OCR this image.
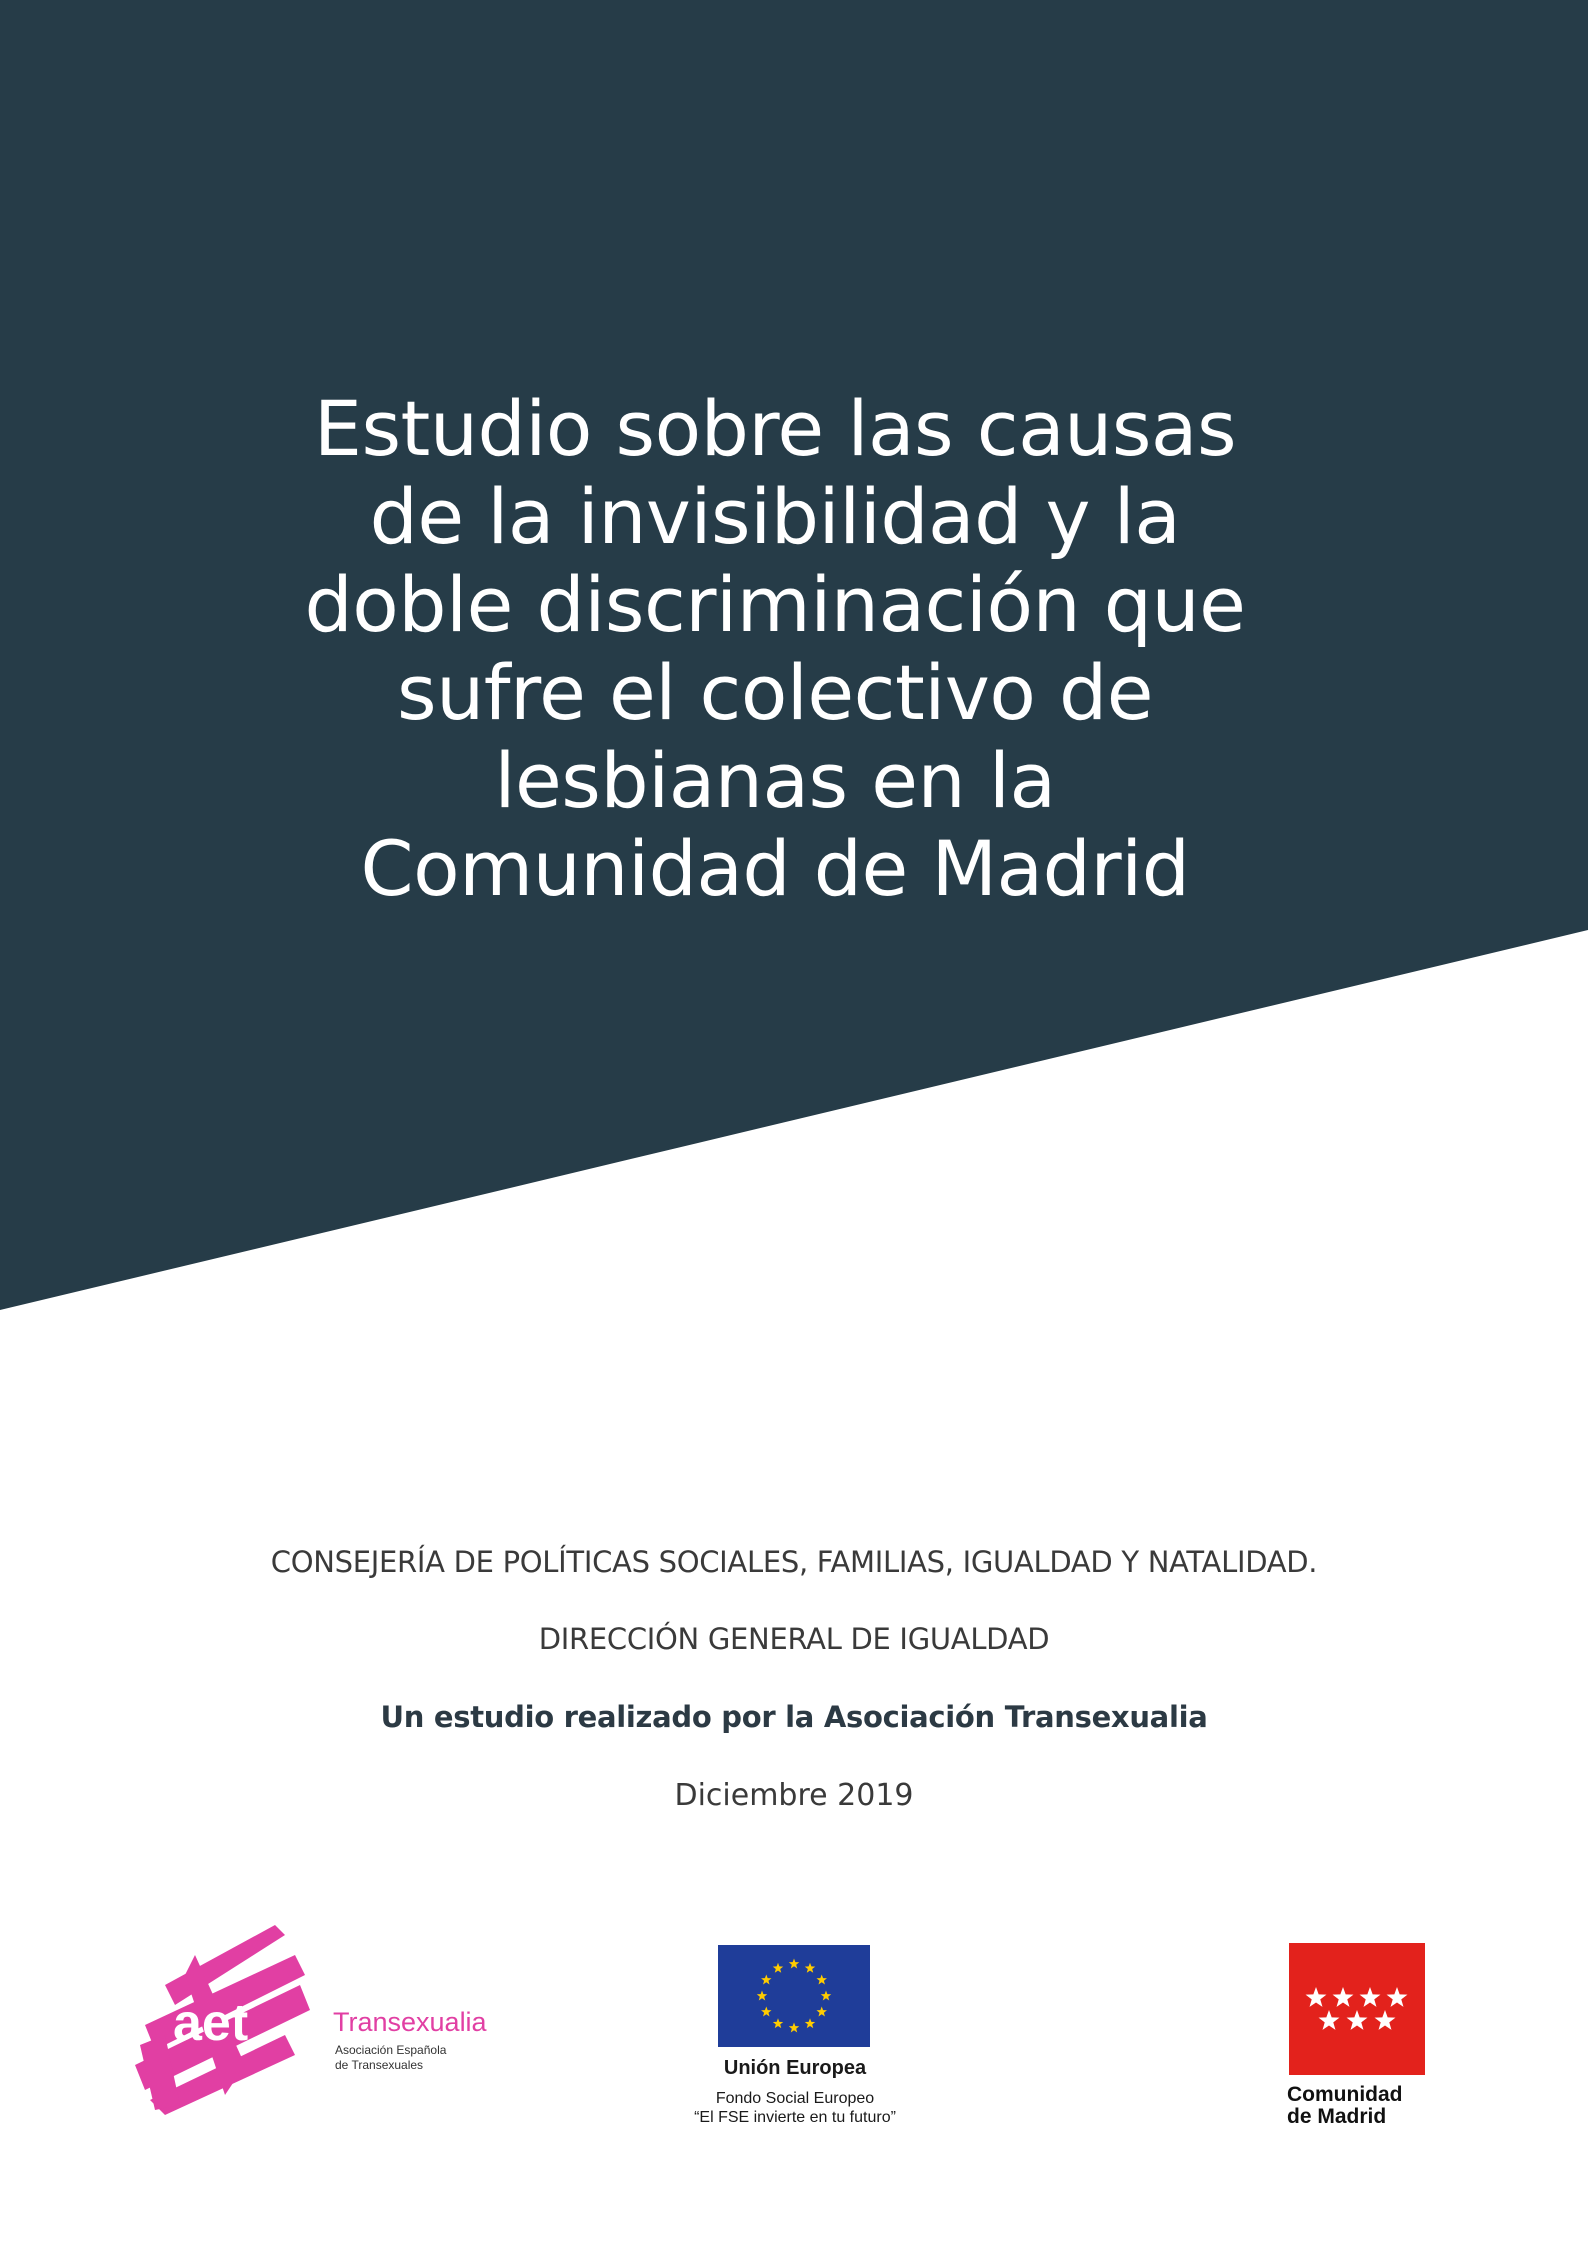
Estudio sobre las causas
de la invisibilidad y la
doble discriminación que
sufre el colectivo de
lesbianas en la
Comunidad de Madrid
CONSEJERÍA DE POLÍTICAS SOCIALES, FAMILIAS, IGUALDAD Y NATALIDAD.
DIRECCIÓN GENERAL DE IGUALDAD
Un estudio realizado por la Asociación Transexualia
Diciembre 2019
aet	Transexualia
Asociación Española
de Transexuales	Unión Europea
Fondo Social Europeo
“El FSE invierte en tu futuro”
Comunidad
de Madrid
